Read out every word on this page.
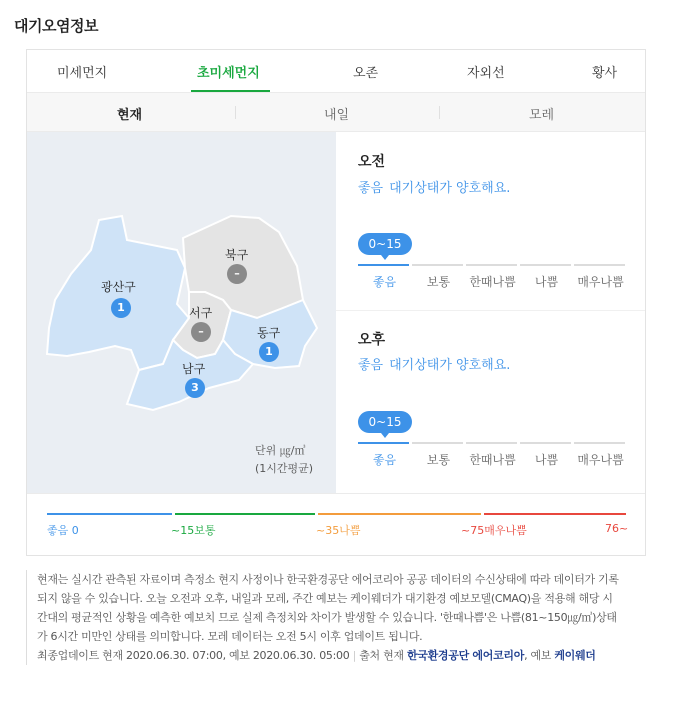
대기오염정보
미세먼지	초미세먼지	오존	자외선	황사
현재	내일	모레
광산구
1
북구
–
서구
–	동구
1
남구
3
단위 ㎍/㎥
(1시간평균)
오전
좋음 대기상태가 양호해요.
0~15
좋음	보통	한때나쁨	나쁨	매우나쁨
오후
좋음 대기상태가 양호해요.
0~15
좋음	보통	한때나쁨	나쁨	매우나쁨
좋음 0	~15보통	~35나쁨	~75매우나쁨	76~
현재는 실시간 관측된 자료이며 측정소 현지 사정이나 한국환경공단 에어코리아 공공 데이터의 수신상태에 따라 데이터가 기록되지 않을 수 있습니다. 오늘 오전과 오후, 내일과 모레, 주간 예보는 케이웨더가 대기환경 예보모델(CMAQ)을 적용해 해당 시간대의 평균적인 상황을 예측한 예보치 므로 실제 측정치와 차이가 발생할 수 있습니다. '한때나쁨'은 나쁨(81~150㎍/㎥)상태가 6시간 미만인 상태를 의미합니다. 모레 데이터는 오전 5시 이후 업데이트 됩니다.
최종업데이트 현재 2020.06.30. 07:00, 예보 2020.06.30. 05:00 | 출처 현재 한국환경공단 에어코리아, 예보 케이웨더
